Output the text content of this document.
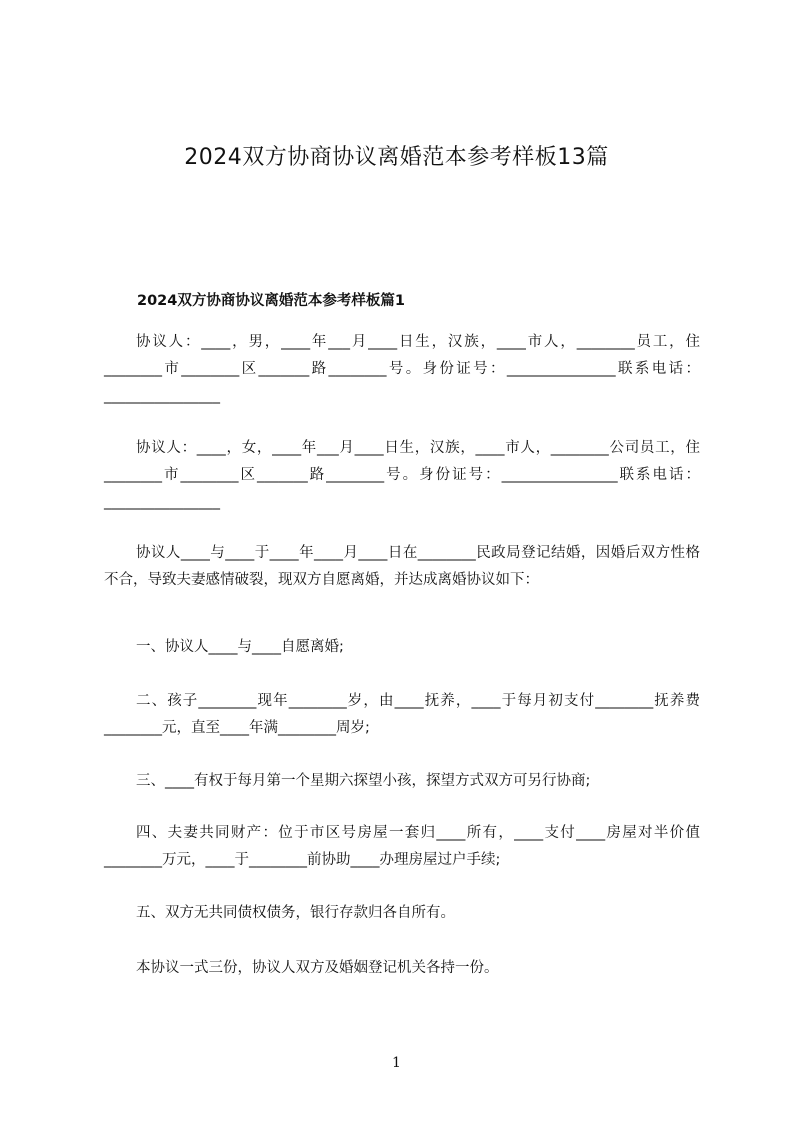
2024双方协商协议离婚范本参考样板13篇
2024双方协商协议离婚范本参考样板篇1

协议人：____，男，____年___月____日生，汉族，____市人，________员工，住________市________区_______路________号。身份证号：_______________联系电话：________________

协议人：____，女，____年___月____日生，汉族，____市人，________公司员工，住________市________区_______路________号。身份证号：________________联系电话：________________

协议人____与____于____年____月____日在________民政局登记结婚，因婚后双方性格不合，导致夫妻感情破裂，现双方自愿离婚，并达成离婚协议如下：

一、协议人____与____自愿离婚;

二、孩子________现年________岁，由____抚养，____于每月初支付________抚养费________元，直至____年满________周岁;

三、____有权于每月第一个星期六探望小孩，探望方式双方可另行协商;

四、夫妻共同财产：位于市区号房屋一套归____所有，____支付____房屋对半价值________万元，____于________前协助____办理房屋过户手续;

五、双方无共同债权债务，银行存款归各自所有。

本协议一式三份，协议人双方及婚姻登记机关各持一份。

1
